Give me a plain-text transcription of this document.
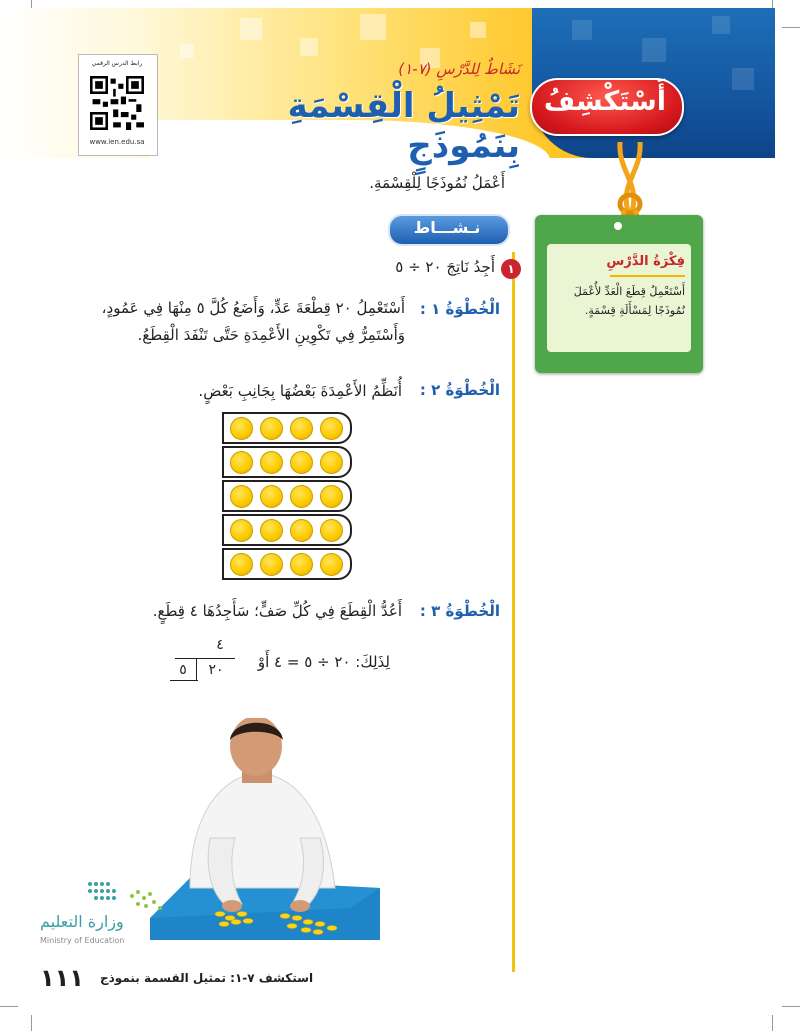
رابط الدرس الرقمي
www.ien.edu.sa
نَشَاطٌ لِلدَّرْسِ (٧-١)
تَمْثِيلُ الْقِسْمَةِ بِنَمُوذَجٍ
أَسْتَكْشِفُ
فِكْرَةُ الدَّرْسِ
أَسْتَعْمِلُ قِطَعَ الْعَدِّ لأُعْمَلَ نُمُوذَجًا لِمَسْأَلَةِ قِسْمَةٍ.
أَعْمَلُ نُمُوذَجًا لِلْقِسْمَةِ.
نـشـــاط
١
أَجِدُ نَاتِجَ ٢٠ ÷ ٥
الْخُطْوَةُ ١ :
أَسْتَعْمِلُ ٢٠ قِطْعَةَ عَدٍّ، وَأَضَعُ كُلَّ ٥ مِنْهَا فِي عَمُودٍ، وَأَسْتَمِرُّ فِي تَكْوِينِ الأَعْمِدَةِ حَتَّى تَنْفَدَ الْقِطَعُ.
الْخُطْوَةُ ٢ :
أُنَظِّمُ الأَعْمِدَةَ بَعْضُهَا بِجَانِبِ بَعْضٍ.
الْخُطْوَةُ ٣ :
أَعُدُّ الْقِطَعَ فِي كُلِّ صَفٍّ؛ سَأَجِدُهَا ٤ قِطَعٍ.
لِذَلِكَ: ٢٠ ÷ ٥ = ٤ أَوْ
٤
٢٠
٥
وزارة التعليم
Ministry of Education
١١١	استكشف ٧-١: تمثيل القسمة بنموذج
